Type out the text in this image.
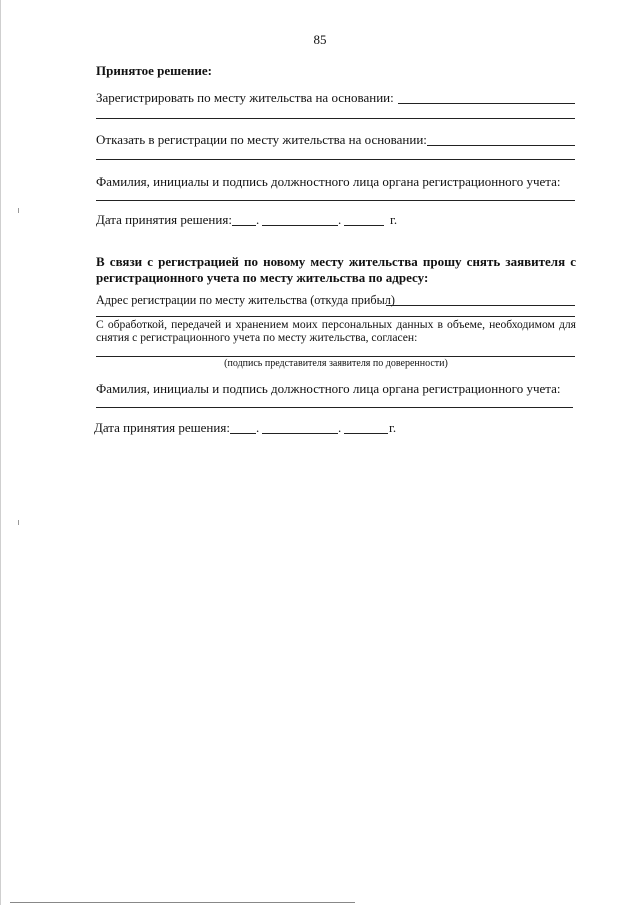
85
Принятое решение:
Зарегистрировать по месту жительства на основании:
Отказать в регистрации по месту жительства на основании:
Фамилия, инициалы и подпись должностного лица органа регистрационного учета:
Дата принятия решения: .	.	г.
В связи с регистрацией по новому месту жительства прошу снять заявителя с регистрационного учета по месту жительства по адресу:
Адрес регистрации по месту жительства (откуда прибыл)
С обработкой, передачей и хранением моих персональных данных в объеме, необходимом для снятия с регистрационного учета по месту жительства, согласен:
(подпись представителя заявителя по доверенности)
Фамилия, инициалы и подпись должностного лица органа регистрационного учета:
Дата принятия решения: .	.	г.
